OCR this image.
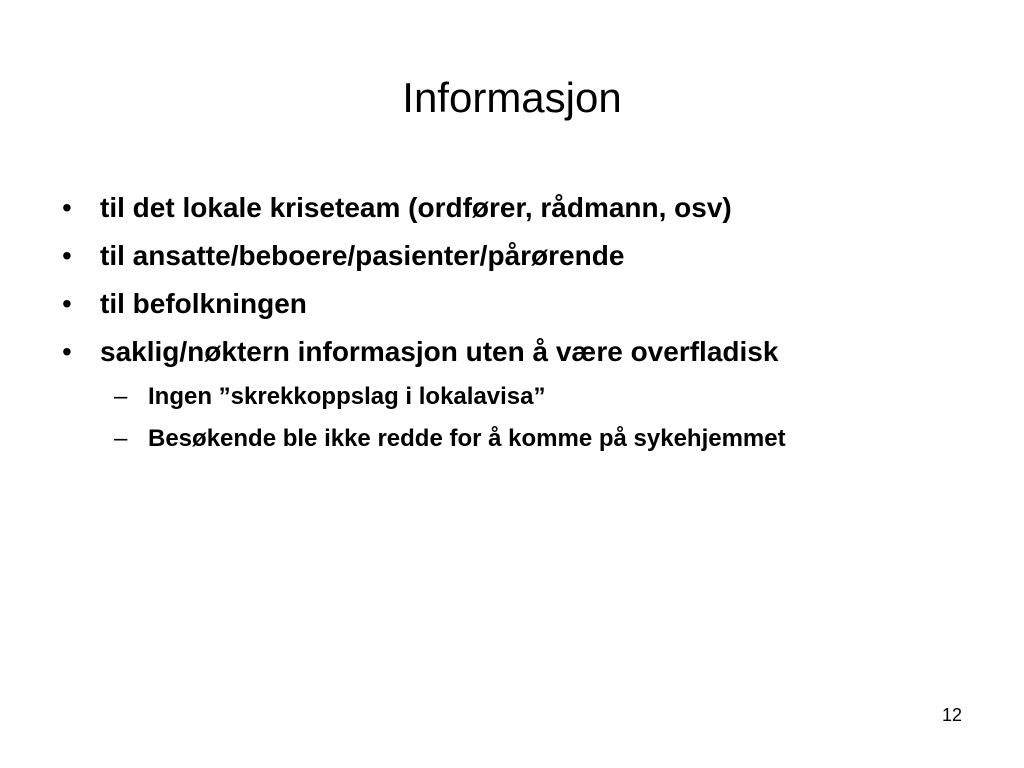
Informasjon
•	til det lokale kriseteam (ordfører, rådmann, osv)
•	til ansatte/beboere/pasienter/pårørende
•	til befolkningen
•	saklig/nøktern informasjon uten å være overfladisk
– Ingen ”skrekkoppslag i lokalavisa”
– Besøkende ble ikke redde for å komme på sykehjemmet
12
